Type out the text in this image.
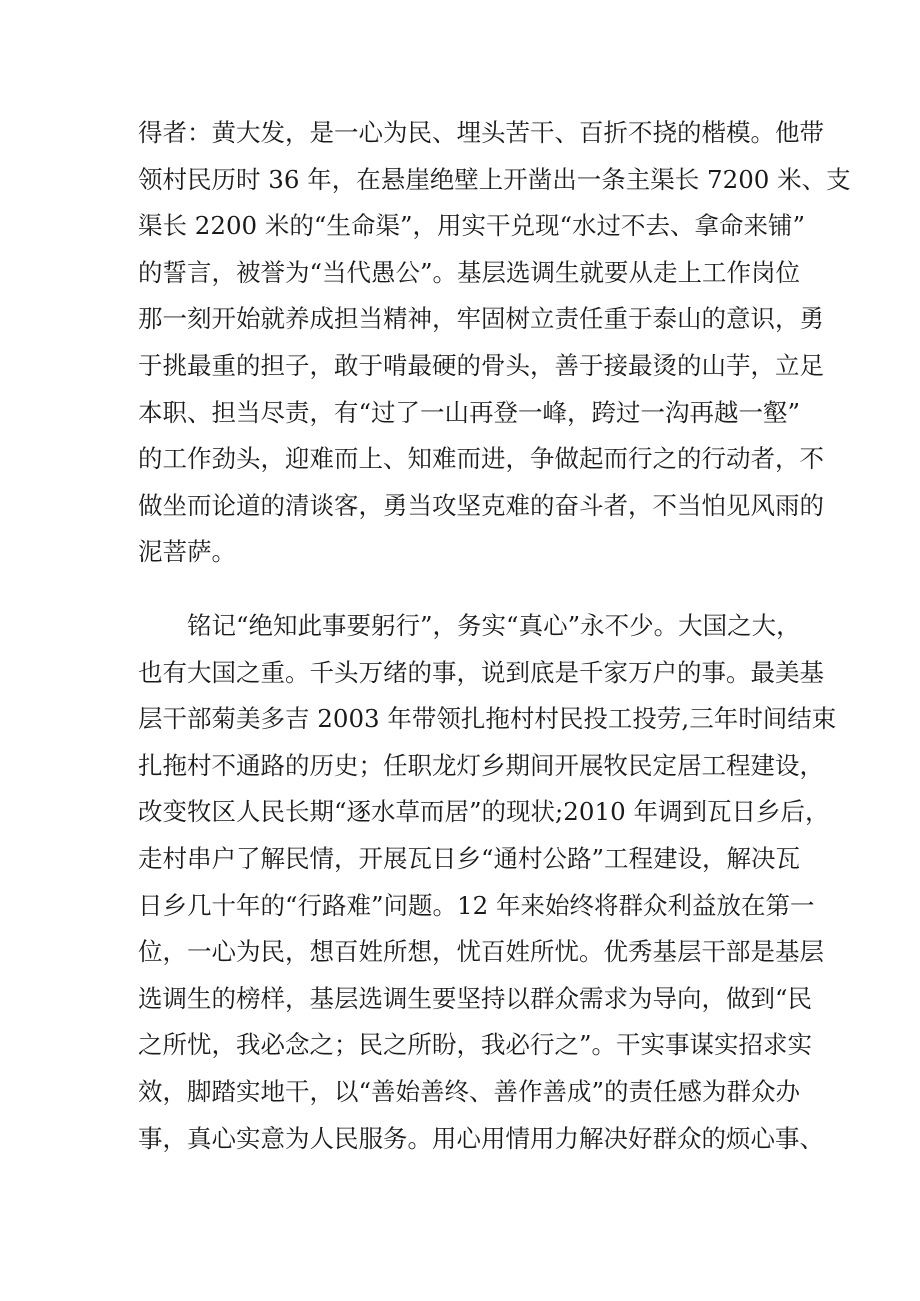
得者：黄大发，是一心为民、埋头苦干、百折不挠的楷模。他带
领村民历时 36 年，在悬崖绝壁上开凿出一条主渠长 7200 米、支
渠长 2200 米的“生命渠”，用实干兑现“水过不去、拿命来铺”
的誓言，被誉为“当代愚公”。基层选调生就要从走上工作岗位
那一刻开始就养成担当精神，牢固树立责任重于泰山的意识，勇
于挑最重的担子，敢于啃最硬的骨头，善于接最烫的山芋，立足
本职、担当尽责，有“过了一山再登一峰，跨过一沟再越一壑”
的工作劲头，迎难而上、知难而进，争做起而行之的行动者，不
做坐而论道的清谈客，勇当攻坚克难的奋斗者，不当怕见风雨的
泥菩萨。
铭记“绝知此事要躬行”，务实“真心”永不少。大国之大，
也有大国之重。千头万绪的事，说到底是千家万户的事。最美基
层干部菊美多吉 2003 年带领扎拖村村民投工投劳,三年时间结束
扎拖村不通路的历史；任职龙灯乡期间开展牧民定居工程建设，
改变牧区人民长期“逐水草而居”的现状;2010 年调到瓦日乡后，
走村串户了解民情，开展瓦日乡“通村公路”工程建设，解决瓦
日乡几十年的“行路难”问题。12 年来始终将群众利益放在第一
位，一心为民，想百姓所想，忧百姓所忧。优秀基层干部是基层
选调生的榜样，基层选调生要坚持以群众需求为导向，做到“民
之所忧，我必念之；民之所盼，我必行之”。干实事谋实招求实
效，脚踏实地干，以“善始善终、善作善成”的责任感为群众办
事，真心实意为人民服务。用心用情用力解决好群众的烦心事、
